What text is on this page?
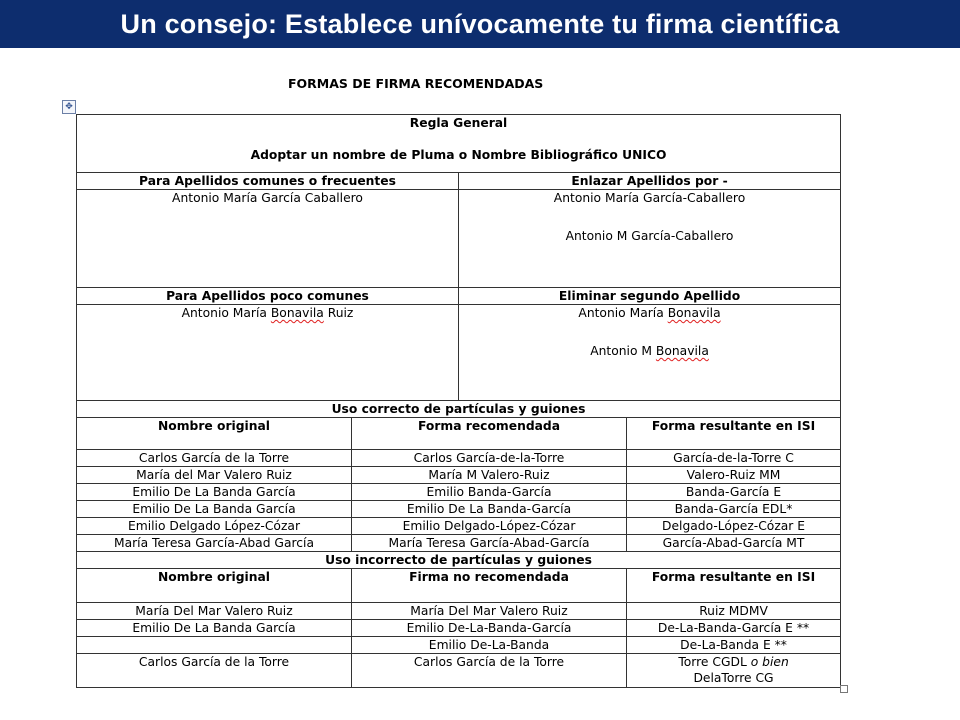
Un consejo: Establece unívocamente tu firma científica
FORMAS DE FIRMA RECOMENDADAS
✥
Regla General
Adoptar un nombre de Pluma o Nombre Bibliográfico UNICO			

Para Apellidos comunes o frecuentes		Enlazar Apellidos por -	
Antonio María García Caballero		Antonio María García-Caballero
Antonio M García-Caballero	

Para Apellidos poco comunes		Eliminar segundo Apellido	
Antonio María Bonavila Ruiz		Antonio María Bonavila
Antonio M Bonavila	

Uso correcto de partículas y guiones			
Nombre original	Forma recomendada		Forma resultante en ISI
Carlos García de la Torre	Carlos García-de-la-Torre		García-de-la-Torre C
María del Mar Valero Ruiz	María M Valero-Ruiz		Valero-Ruiz MM
Emilio De La Banda García	Emilio Banda-García		Banda-García E
Emilio De La Banda García	Emilio De La Banda-García		Banda-García EDL*
Emilio Delgado López-Cózar	Emilio Delgado-López-Cózar		Delgado-López-Cózar E
María Teresa García-Abad García	María Teresa García-Abad-García		García-Abad-García MT
Uso incorrecto de partículas y guiones			
Nombre original	Firma no recomendada		Forma resultante en ISI
María Del Mar Valero Ruiz	María Del Mar Valero Ruiz		Ruiz MDMV
Emilio De La Banda García	Emilio De-La-Banda-García		De-La-Banda-García E **
	Emilio De-La-Banda		De-La-Banda E **
Carlos García de la Torre	Carlos García de la Torre		Torre CGDL o bien
DelaTorre CG
